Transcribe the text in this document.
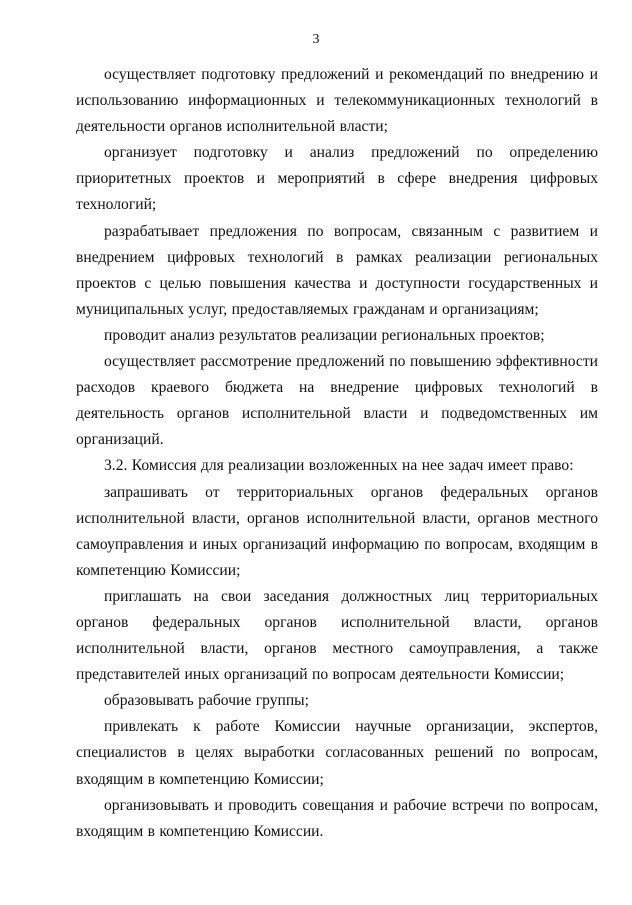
3

осуществляет подготовку предложений и рекомендаций по внедрению и использованию информационных и телекоммуникационных технологий в деятельности органов исполнительной власти;

организует подготовку и анализ предложений по определению приоритетных проектов и мероприятий в сфере внедрения цифровых технологий;

разрабатывает предложения по вопросам, связанным с развитием и внедрением цифровых технологий в рамках реализации региональных проектов с целью повышения качества и доступности государственных и муниципальных услуг, предоставляемых гражданам и организациям;

проводит анализ результатов реализации региональных проектов;

осуществляет рассмотрение предложений по повышению эффективности расходов краевого бюджета на внедрение цифровых технологий в деятельность органов исполнительной власти и подведомственных им организаций.

3.2. Комиссия для реализации возложенных на нее задач имеет право:

запрашивать от территориальных органов федеральных органов исполнительной власти, органов исполнительной власти, органов местного самоуправления и иных организаций информацию по вопросам, входящим в компетенцию Комиссии;

приглашать на свои заседания должностных лиц территориальных органов федеральных органов исполнительной власти, органов исполнительной власти, органов местного самоуправления, а также представителей иных организаций по вопросам деятельности Комиссии;

образовывать рабочие группы;

привлекать к работе Комиссии научные организации, экспертов, специалистов в целях выработки согласованных решений по вопросам, входящим в компетенцию Комиссии;

организовывать и проводить совещания и рабочие встречи по вопросам, входящим в компетенцию Комиссии.
